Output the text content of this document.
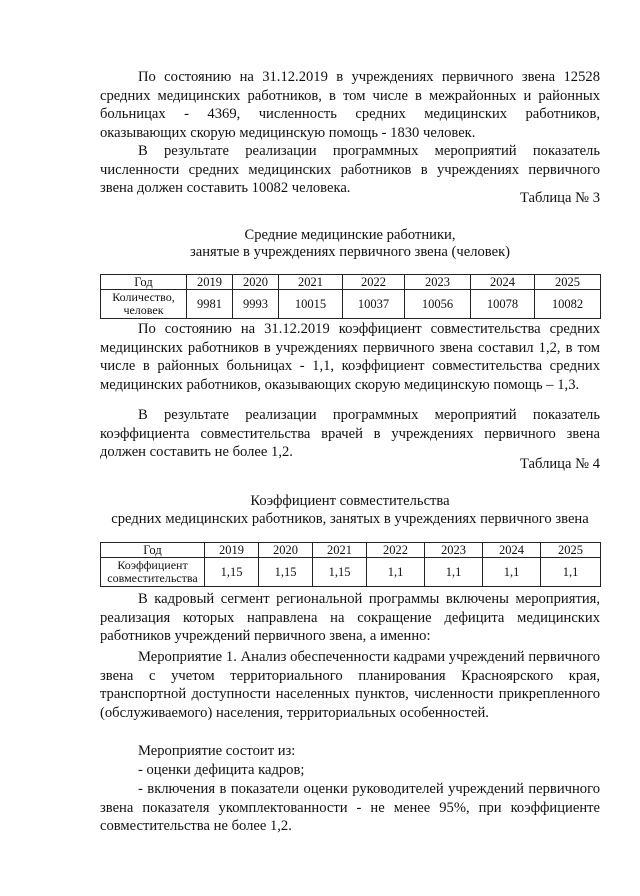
По состоянию на 31.12.2019 в учреждениях первичного звена 12528 средних медицинских работников, в том числе в межрайонных и районных больницах - 4369, численность средних медицинских работников, оказывающих скорую медицинскую помощь - 1830 человек.

В результате реализации программных мероприятий показатель численности средних медицинских работников в учреждениях первичного звена должен составить 10082 человека.

Таблица № 3
Средние медицинские работники,
занятые в учреждениях первичного звена (человек)
Год	2019	2020	2021	2022	2023	2024	2025
Количество, человек	9981	9993	10015	10037	10056	10078	10082

По состоянию на 31.12.2019 коэффициент совместительства средних медицинских работников в учреждениях первичного звена составил 1,2, в том числе в районных больницах - 1,1, коэффициент совместительства средних медицинских работников, оказывающих скорую медицинскую помощь – 1,3.

В результате реализации программных мероприятий показатель коэффициента совместительства врачей в учреждениях первичного звена должен составить не более 1,2.

Таблица № 4
Коэффициент совместительства
средних медицинских работников, занятых в учреждениях первичного звена
Год	2019	2020	2021	2022	2023	2024	2025
Коэффициент совместительства	1,15	1,15	1,15	1,1	1,1	1,1	1,1

В кадровый сегмент региональной программы включены мероприятия, реализация которых направлена на сокращение дефицита медицинских работников учреждений первичного звена, а именно:

Мероприятие 1. Анализ обеспеченности кадрами учреждений первичного звена с учетом территориального планирования Красноярского края, транспортной доступности населенных пунктов, численности прикрепленного (обслуживаемого) населения, территориальных особенностей.

Мероприятие состоит из:

- оценки дефицита кадров;

- включения в показатели оценки руководителей учреждений первичного звена показателя укомплектованности - не менее 95%, при коэффициенте совместительства не более 1,2.
